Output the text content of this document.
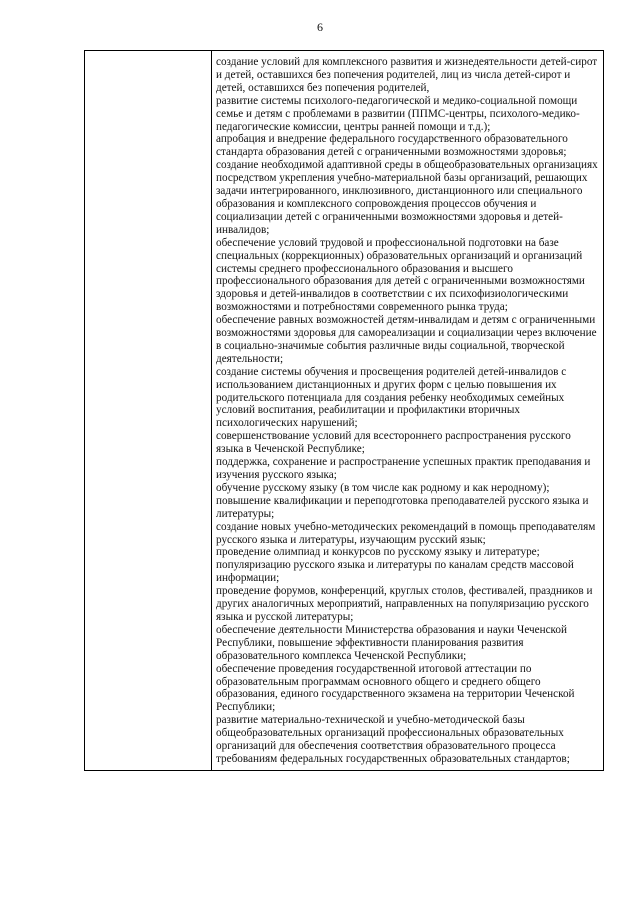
6

создание условий для комплексного развития и жизнедеятельности детей-сирот и детей, оставшихся без попечения родителей, лиц из числа детей-сирот и детей, оставшихся без попечения родителей,

развитие системы психолого-педагогической и медико-социальной помощи семье и детям с проблемами в развитии (ППМС-центры, психолого-медико-педагогические комиссии, центры ранней помощи и т.д.);

апробация и внедрение федерального государственного образовательного стандарта образования детей с ограниченными возможностями здоровья;

создание необходимой адаптивной среды в общеобразовательных организациях посредством укрепления учебно-материальной базы организаций, решающих задачи интегрированного, инклюзивного, дистанционного или специального образования и комплексного сопровождения процессов обучения и социализации детей с ограниченными возможностями здоровья и детей-инвалидов;

обеспечение условий трудовой и профессиональной подготовки на базе специальных (коррекционных) образовательных организаций и организаций системы среднего профессионального образования и высшего профессионального образования для детей с ограниченными возможностями здоровья и детей-инвалидов в соответствии с их психофизиологическими возможностями и потребностями современного рынка труда;

обеспечение равных возможностей детям-инвалидам и детям с ограниченными возможностями здоровья для самореализации и социализации через включение в социально-значимые события различные виды социальной, творческой деятельности;

создание системы обучения и просвещения родителей детей-инвалидов с использованием дистанционных и других форм с целью повышения их родительского потенциала для создания ребенку необходимых семейных условий воспитания, реабилитации и профилактики вторичных психологических нарушений;

совершенствование условий для всестороннего распространения русского языка в Чеченской Республике;

поддержка, сохранение и распространение успешных практик преподавания и изучения русского языка;

обучение русскому языку (в том числе как родному и как неродному);

повышение квалификации и переподготовка преподавателей русского языка и литературы;

создание новых учебно-методических рекомендаций в помощь преподавателям русского языка и литературы, изучающим русский язык;

проведение олимпиад и конкурсов по русскому языку и литературе;

популяризацию русского языка и литературы по каналам средств массовой информации;

проведение форумов, конференций, круглых столов, фестивалей, праздников и других аналогичных мероприятий, направленных на популяризацию русского языка и русской литературы;

обеспечение деятельности Министерства образования и науки Чеченской Республики, повышение эффективности планирования развития образовательного комплекса Чеченской Республики;

обеспечение проведения государственной итоговой аттестации по образовательным программам основного общего и среднего общего образования, единого государственного экзамена на территории Чеченской Республики;

развитие материально-технической и учебно-методической базы общеобразовательных организаций профессиональных образовательных организаций для обеспечения соответствия образовательного процесса требованиям федеральных государственных образовательных стандартов;
